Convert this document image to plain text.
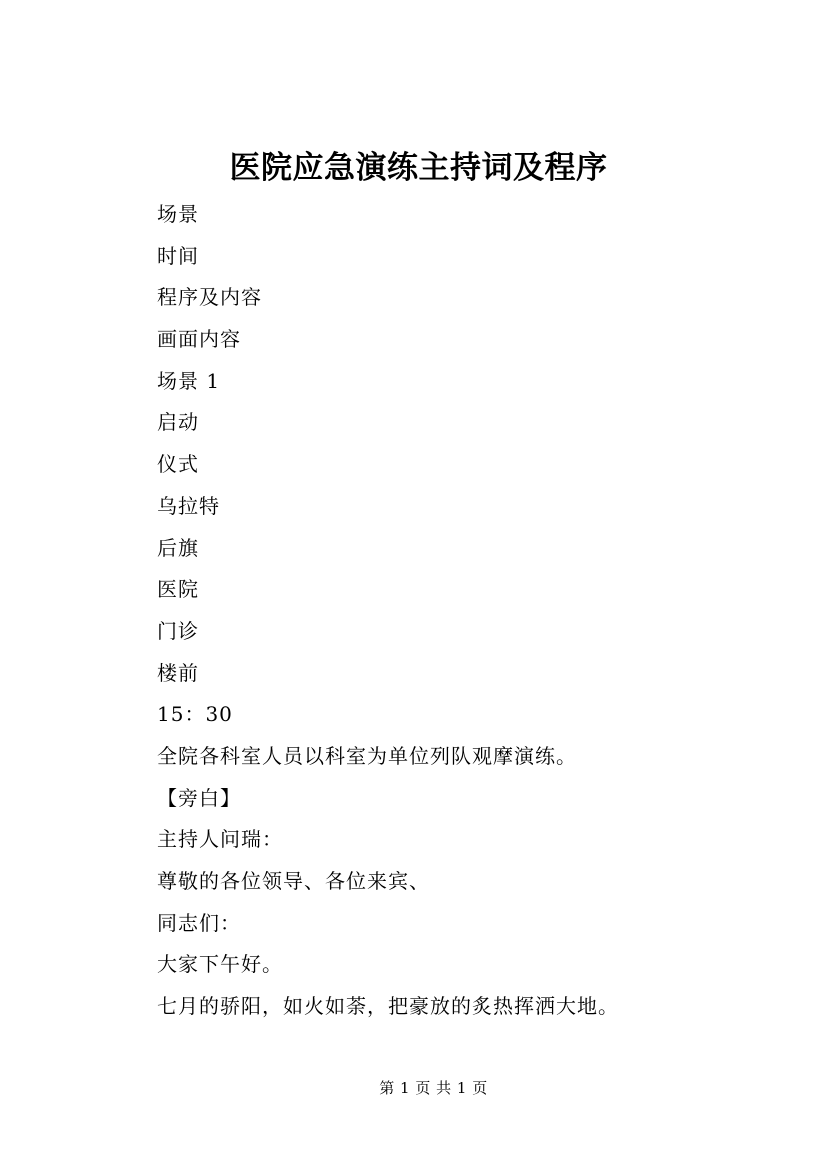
医院应急演练主持词及程序
场景
时间
程序及内容
画面内容
场景 1
启动
仪式
乌拉特
后旗
医院
门诊
楼前
15：30
全院各科室人员以科室为单位列队观摩演练。
【旁白】
主持人问瑞：
尊敬的各位领导、各位来宾、
同志们：
大家下午好。
七月的骄阳，如火如荼，把豪放的炙热挥洒大地。
第 1 页 共 1 页
